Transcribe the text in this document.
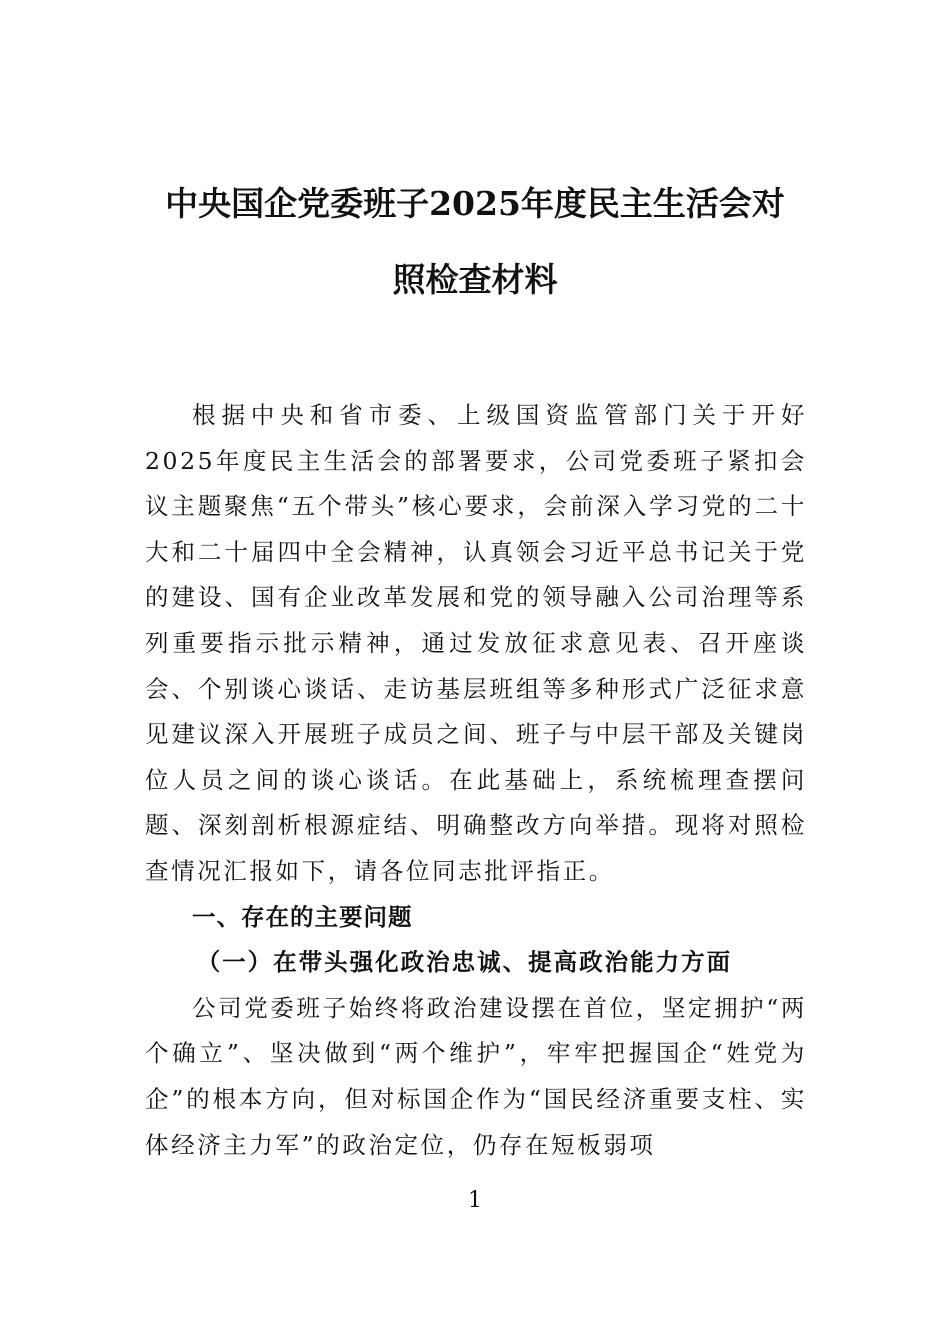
中央国企党委班子2025年度民主生活会对
照检查材料

根据中央和省市委、上级国资监管部门关于开好2025年度民主生活会的部署要求，公司党委班子紧扣会议主题聚焦“五个带头”核心要求，会前深入学习党的二十大和二十届四中全会精神，认真领会习近平总书记关于党的建设、国有企业改革发展和党的领导融入公司治理等系列重要指示批示精神，通过发放征求意见表、召开座谈会、个别谈心谈话、走访基层班组等多种形式广泛征求意见建议深入开展班子成员之间、班子与中层干部及关键岗位人员之间的谈心谈话。在此基础上，系统梳理查摆问题、深刻剖析根源症结、明确整改方向举措。现将对照检查情况汇报如下，请各位同志批评指正。

一、存在的主要问题
（一）在带头强化政治忠诚、提高政治能力方面

公司党委班子始终将政治建设摆在首位，坚定拥护“两个确立”、坚决做到“两个维护”，牢牢把握国企“姓党为企”的根本方向，但对标国企作为“国民经济重要支柱、实体经济主力军”的政治定位，仍存在短板弱项

1
